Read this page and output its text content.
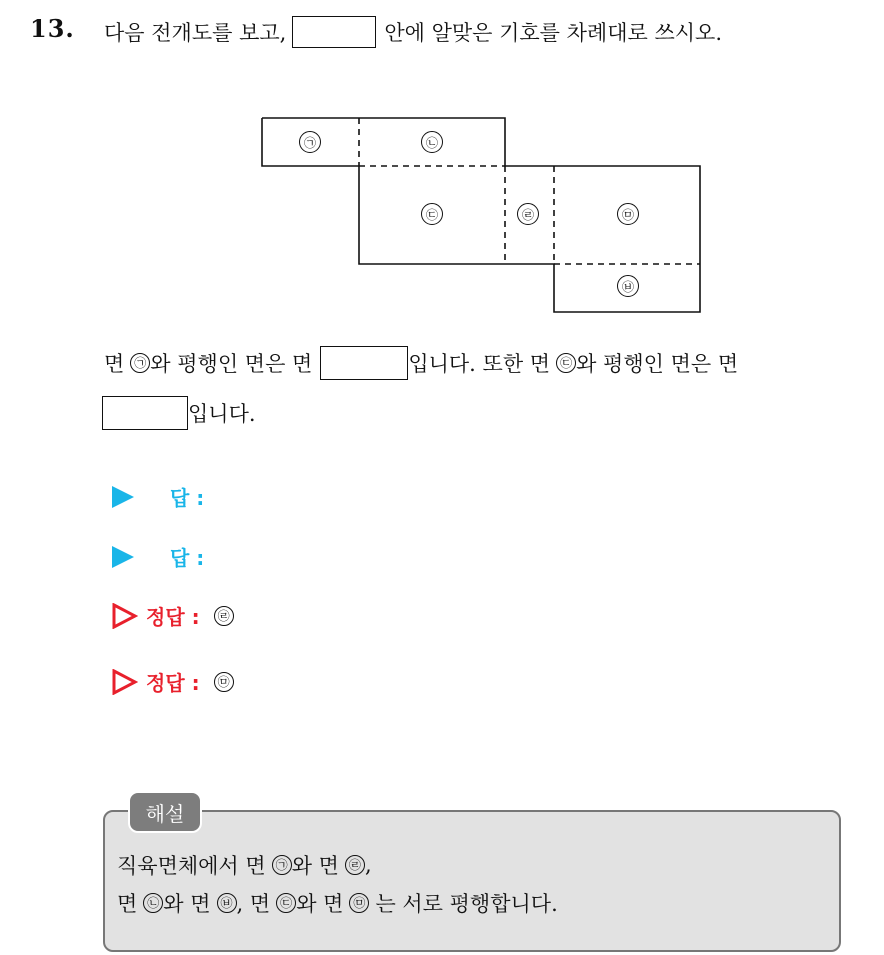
13. 다음 전개도를 보고,	안에 알맞은 기호를 차례대로 쓰시오.
㉠	㉡
㉢	㉣	㉤
㉥
면 ㉠ 와 평행인 면은 면	입니다. 또한 면 ㉢ 와 평행인 면은 면
입니다.
답 :
답 :
정답 :	㉣
정답 :	㉤
직육면체에서 면 ㉠ 와 면 ㉣ ,
면 ㉡ 와 면 ㉥ , 면 ㉢ 와 면 ㉤ 는 서로 평행합니다.
해설
